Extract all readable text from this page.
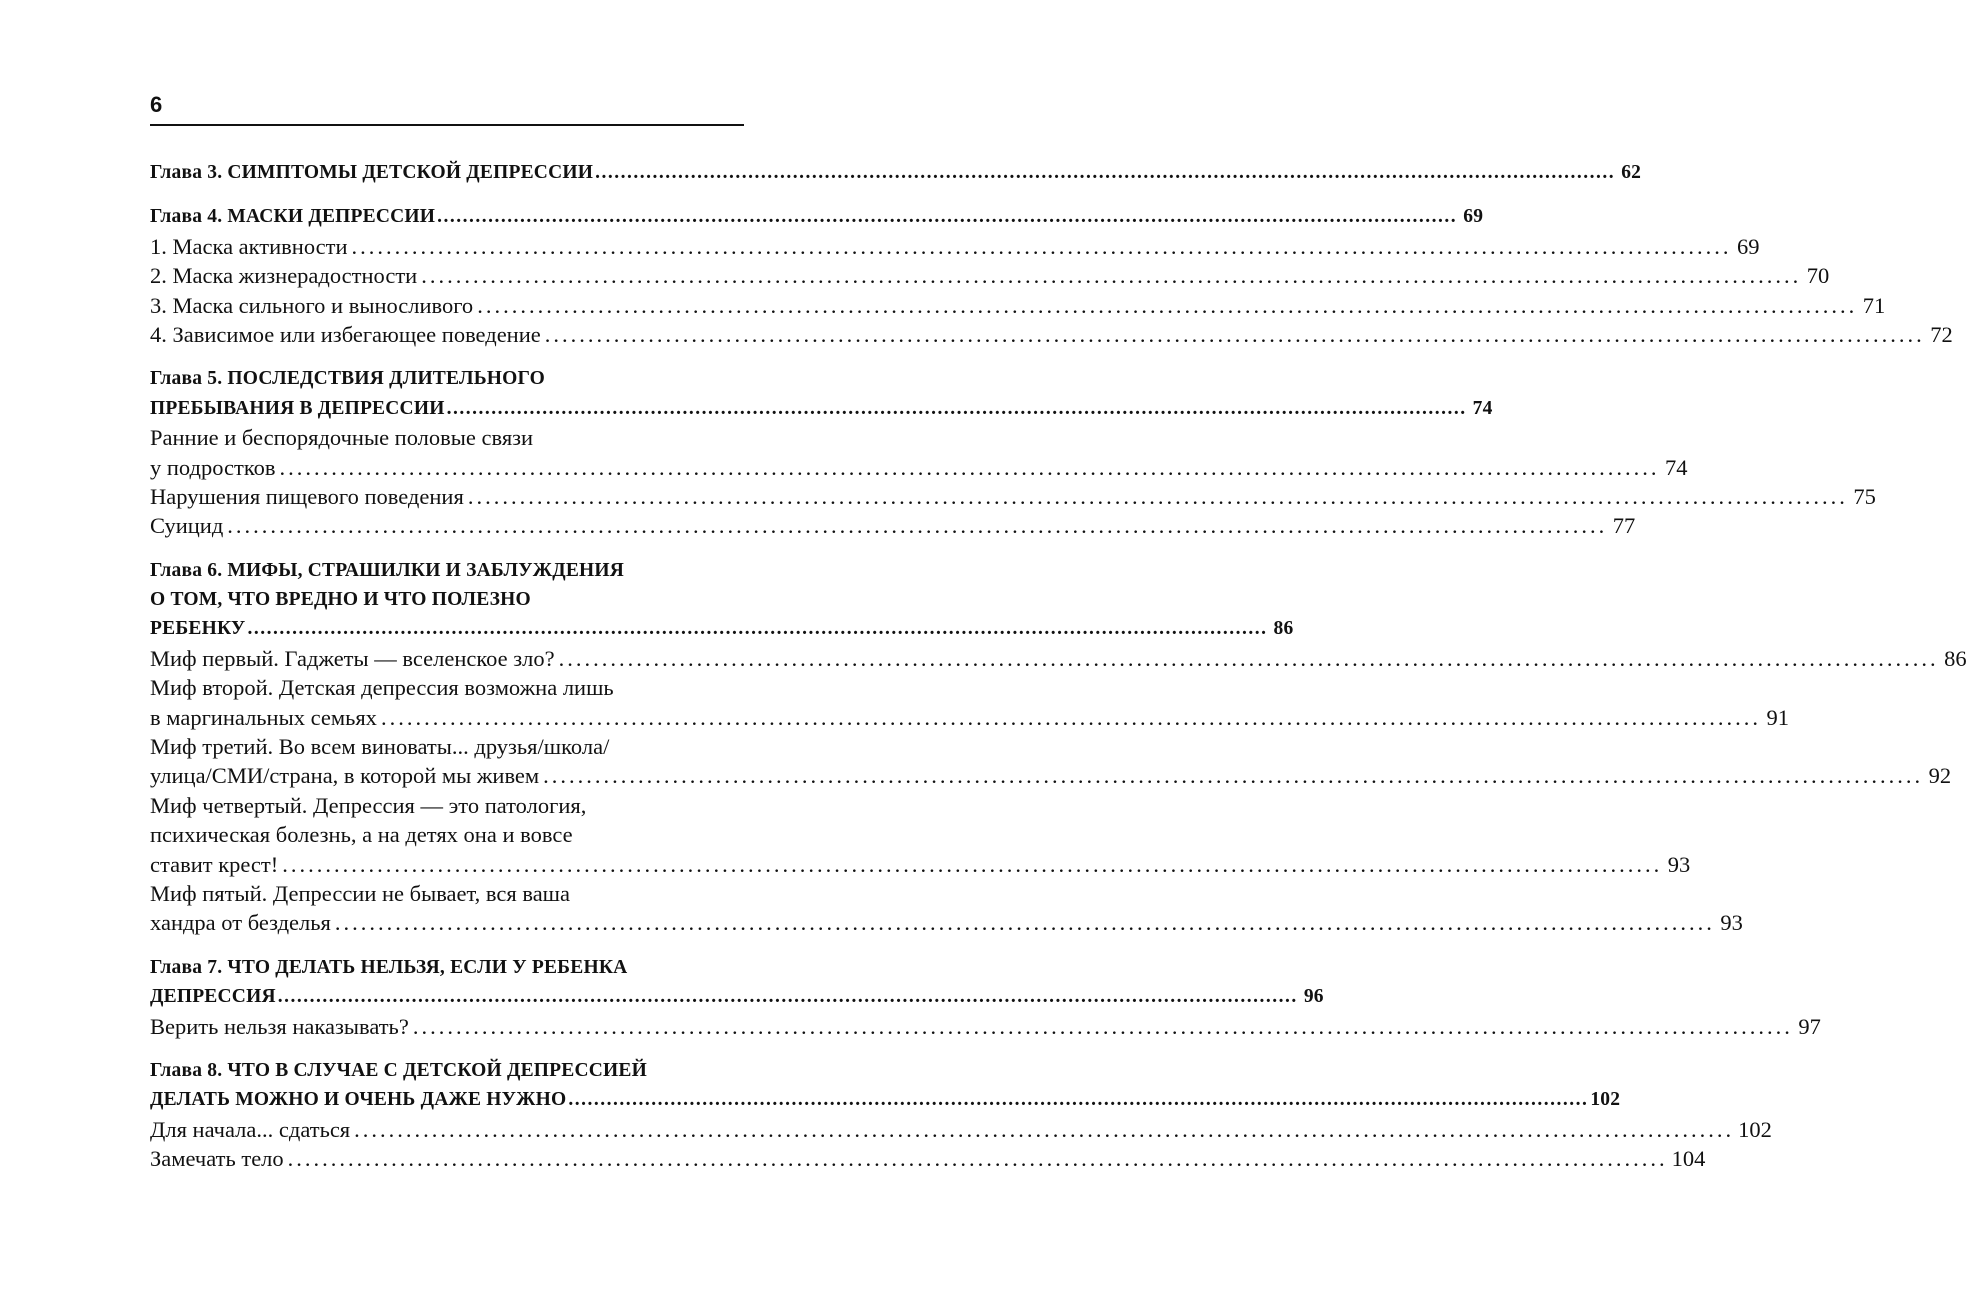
6
Глава 3. СИМПТОМЫ ДЕТСКОЙ ДЕПРЕССИИ ................................................................................................................................................................ 62
Глава 4. МАСКИ ДЕПРЕССИИ ................................................................................................................................................................ 69
1. Маска активности ................................................................................................................................................................ 69
2. Маска жизнерадостности ................................................................................................................................................................ 70
3. Маска сильного и выносливого ................................................................................................................................................................ 71
4. Зависимое или избегающее поведение ................................................................................................................................................................ 72
Глава 5. ПОСЛЕДСТВИЯ ДЛИТЕЛЬНОГО
ПРЕБЫВАНИЯ В ДЕПРЕССИИ ................................................................................................................................................................ 74
Ранние и беспорядочные половые связи
у подростков ................................................................................................................................................................ 74
Нарушения пищевого поведения ................................................................................................................................................................ 75
Суицид ................................................................................................................................................................ 77
Глава 6. МИФЫ, СТРАШИЛКИ И ЗАБЛУЖДЕНИЯ
О ТОМ, ЧТО ВРЕДНО И ЧТО ПОЛЕЗНО
РЕБЕНКУ ................................................................................................................................................................ 86
Миф первый. Гаджеты — вселенское зло? ................................................................................................................................................................ 86
Миф второй. Детская депрессия возможна лишь
в маргинальных семьях ................................................................................................................................................................ 91
Миф третий. Во всем виноваты... друзья/школа/
улица/СМИ/страна, в которой мы живем ................................................................................................................................................................ 92
Миф четвертый. Депрессия — это патология,
психическая болезнь, а на детях она и вовсе
ставит крест! ................................................................................................................................................................ 93
Миф пятый. Депрессии не бывает, вся ваша
хандра от безделья ................................................................................................................................................................ 93
Глава 7. ЧТО ДЕЛАТЬ НЕЛЬЗЯ, ЕСЛИ У РЕБЕНКА
ДЕПРЕССИЯ ................................................................................................................................................................ 96
Верить нельзя наказывать? ................................................................................................................................................................ 97
Глава 8. ЧТО В СЛУЧАЕ С ДЕТСКОЙ ДЕПРЕССИЕЙ
ДЕЛАТЬ МОЖНО И ОЧЕНЬ ДАЖЕ НУЖНО ................................................................................................................................................................ 102
Для начала... сдаться ................................................................................................................................................................ 102
Замечать тело ................................................................................................................................................................ 104
